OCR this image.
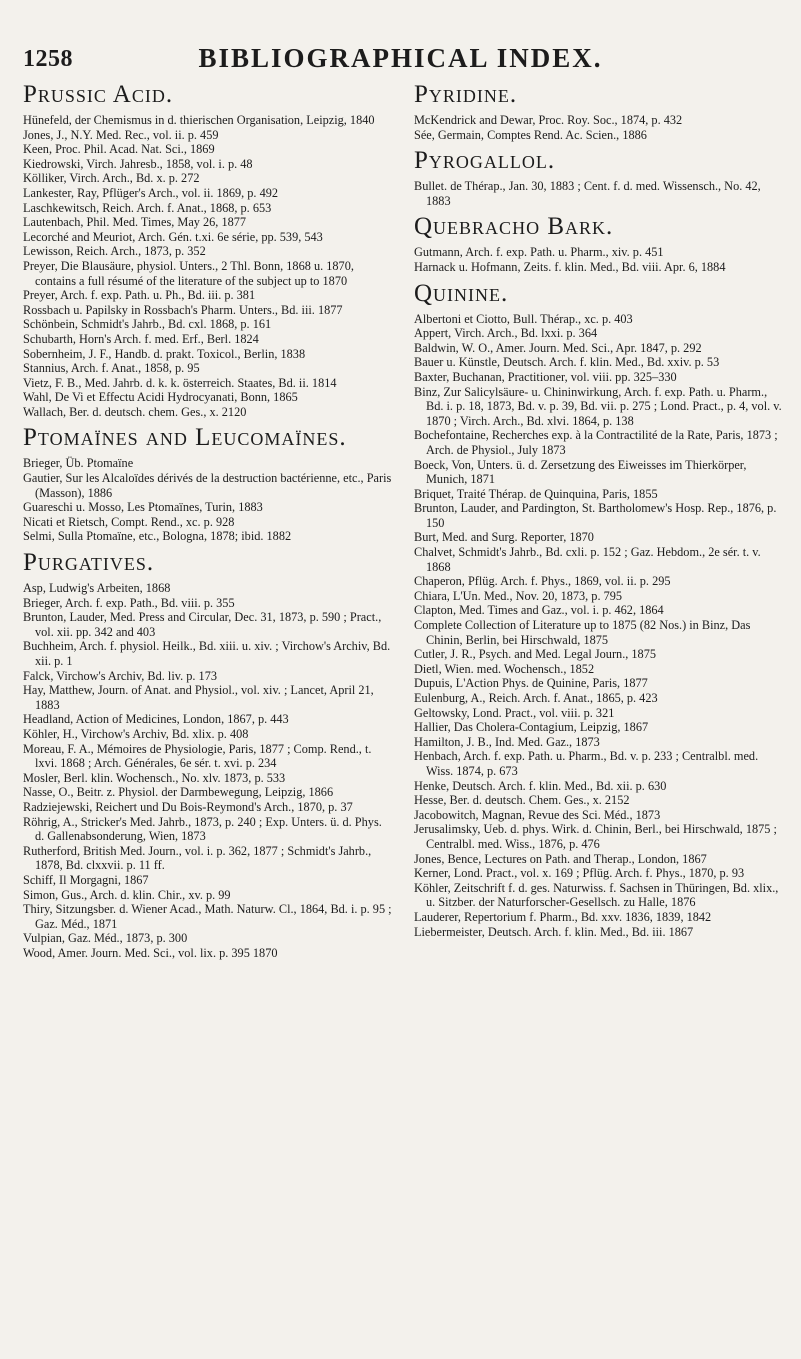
1258	BIBLIOGRAPHICAL INDEX.
Prussic Acid.

Hünefeld, der Chemismus in d. thierischen Organisation, Leipzig, 1840

Jones, J., N.Y. Med. Rec., vol. ii. p. 459

Keen, Proc. Phil. Acad. Nat. Sci., 1869

Kiedrowski, Virch. Jahresb., 1858, vol. i. p. 48

Kölliker, Virch. Arch., Bd. x. p. 272

Lankester, Ray, Pflüger's Arch., vol. ii. 1869, p. 492

Laschkewitsch, Reich. Arch. f. Anat., 1868, p. 653

Lautenbach, Phil. Med. Times, May 26, 1877

Lecorché and Meuriot, Arch. Gén. t.xi. 6e série, pp. 539, 543

Lewisson, Reich. Arch., 1873, p. 352

Preyer, Die Blausäure, physiol. Unters., 2 Thl. Bonn, 1868 u. 1870, contains a full résumé of the literature of the subject up to 1870

Preyer, Arch. f. exp. Path. u. Ph., Bd. iii. p. 381

Rossbach u. Papilsky in Rossbach's Pharm. Unters., Bd. iii. 1877

Schönbein, Schmidt's Jahrb., Bd. cxl. 1868, p. 161

Schubarth, Horn's Arch. f. med. Erf., Berl. 1824

Sobernheim, J. F., Handb. d. prakt. Toxicol., Berlin, 1838

Stannius, Arch. f. Anat., 1858, p. 95

Vietz, F. B., Med. Jahrb. d. k. k. österreich. Staates, Bd. ii. 1814

Wahl, De Vi et Effectu Acidi Hydrocyanati, Bonn, 1865

Wallach, Ber. d. deutsch. chem. Ges., x. 2120

Ptomaïnes and Leucomaïnes.

Brieger, Üb. Ptomaïne

Gautier, Sur les Alcaloïdes dérivés de la destruction bactérienne, etc., Paris (Masson), 1886

Guareschi u. Mosso, Les Ptomaïnes, Turin, 1883

Nicati et Rietsch, Compt. Rend., xc. p. 928

Selmi, Sulla Ptomaïne, etc., Bologna, 1878; ibid. 1882

Purgatives.

Asp, Ludwig's Arbeiten, 1868

Brieger, Arch. f. exp. Path., Bd. viii. p. 355

Brunton, Lauder, Med. Press and Circular, Dec. 31, 1873, p. 590 ; Pract., vol. xii. pp. 342 and 403

Buchheim, Arch. f. physiol. Heilk., Bd. xiii. u. xiv. ; Virchow's Archiv, Bd. xii. p. 1

Falck, Virchow's Archiv, Bd. liv. p. 173

Hay, Matthew, Journ. of Anat. and Physiol., vol. xiv. ; Lancet, April 21, 1883

Headland, Action of Medicines, London, 1867, p. 443

Köhler, H., Virchow's Archiv, Bd. xlix. p. 408

Moreau, F. A., Mémoires de Physiologie, Paris, 1877 ; Comp. Rend., t. lxvi. 1868 ; Arch. Générales, 6e sér. t. xvi. p. 234

Mosler, Berl. klin. Wochensch., No. xlv. 1873, p. 533

Nasse, O., Beitr. z. Physiol. der Darmbewegung, Leipzig, 1866

Radziejewski, Reichert und Du Bois-Reymond's Arch., 1870, p. 37

Röhrig, A., Stricker's Med. Jahrb., 1873, p. 240 ; Exp. Unters. ü. d. Phys. d. Gallenabsonderung, Wien, 1873

Rutherford, British Med. Journ., vol. i. p. 362, 1877 ; Schmidt's Jahrb., 1878, Bd. clxxvii. p. 11 ff.

Schiff, Il Morgagni, 1867

Simon, Gus., Arch. d. klin. Chir., xv. p. 99

Thiry, Sitzungsber. d. Wiener Acad., Math. Naturw. Cl., 1864, Bd. i. p. 95 ; Gaz. Méd., 1871

Vulpian, Gaz. Méd., 1873, p. 300

Wood, Amer. Journ. Med. Sci., vol. lix. p. 395 1870

Pyridine.

McKendrick and Dewar, Proc. Roy. Soc., 1874, p. 432

Sée, Germain, Comptes Rend. Ac. Scien., 1886

Pyrogallol.

Bullet. de Thérap., Jan. 30, 1883 ; Cent. f. d. med. Wissensch., No. 42, 1883

Quebracho Bark.

Gutmann, Arch. f. exp. Path. u. Pharm., xiv. p. 451

Harnack u. Hofmann, Zeits. f. klin. Med., Bd. viii. Apr. 6, 1884

Quinine.

Albertoni et Ciotto, Bull. Thérap., xc. p. 403

Appert, Virch. Arch., Bd. lxxi. p. 364

Baldwin, W. O., Amer. Journ. Med. Sci., Apr. 1847, p. 292

Bauer u. Künstle, Deutsch. Arch. f. klin. Med., Bd. xxiv. p. 53

Baxter, Buchanan, Practitioner, vol. viii. pp. 325–330

Binz, Zur Salicylsäure- u. Chininwirkung, Arch. f. exp. Path. u. Pharm., Bd. i. p. 18, 1873, Bd. v. p. 39, Bd. vii. p. 275 ; Lond. Pract., p. 4, vol. v. 1870 ; Virch. Arch., Bd. xlvi. 1864, p. 138

Bochefontaine, Recherches exp. à la Contractilité de la Rate, Paris, 1873 ; Arch. de Physiol., July 1873

Boeck, Von, Unters. ü. d. Zersetzung des Eiweisses im Thierkörper, Munich, 1871

Briquet, Traité Thérap. de Quinquina, Paris, 1855

Brunton, Lauder, and Pardington, St. Bartholomew's Hosp. Rep., 1876, p. 150

Burt, Med. and Surg. Reporter, 1870

Chalvet, Schmidt's Jahrb., Bd. cxli. p. 152 ; Gaz. Hebdom., 2e sér. t. v. 1868

Chaperon, Pflüg. Arch. f. Phys., 1869, vol. ii. p. 295

Chiara, L'Un. Med., Nov. 20, 1873, p. 795

Clapton, Med. Times and Gaz., vol. i. p. 462, 1864

Complete Collection of Literature up to 1875 (82 Nos.) in Binz, Das Chinin, Berlin, bei Hirschwald, 1875

Cutler, J. R., Psych. and Med. Legal Journ., 1875

Dietl, Wien. med. Wochensch., 1852

Dupuis, L'Action Phys. de Quinine, Paris, 1877

Eulenburg, A., Reich. Arch. f. Anat., 1865, p. 423

Geltowsky, Lond. Pract., vol. viii. p. 321

Hallier, Das Cholera-Contagium, Leipzig, 1867

Hamilton, J. B., Ind. Med. Gaz., 1873

Henbach, Arch. f. exp. Path. u. Pharm., Bd. v. p. 233 ; Centralbl. med. Wiss. 1874, p. 673

Henke, Deutsch. Arch. f. klin. Med., Bd. xii. p. 630

Hesse, Ber. d. deutsch. Chem. Ges., x. 2152

Jacobowitch, Magnan, Revue des Sci. Méd., 1873

Jerusalimsky, Ueb. d. phys. Wirk. d. Chinin, Berl., bei Hirschwald, 1875 ; Centralbl. med. Wiss., 1876, p. 476

Jones, Bence, Lectures on Path. and Therap., London, 1867

Kerner, Lond. Pract., vol. x. 169 ; Pflüg. Arch. f. Phys., 1870, p. 93

Köhler, Zeitschrift f. d. ges. Naturwiss. f. Sachsen in Thüringen, Bd. xlix., u. Sitzber. der Naturforscher-Gesellsch. zu Halle, 1876

Lauderer, Repertorium f. Pharm., Bd. xxv. 1836, 1839, 1842

Liebermeister, Deutsch. Arch. f. klin. Med., Bd. iii. 1867
